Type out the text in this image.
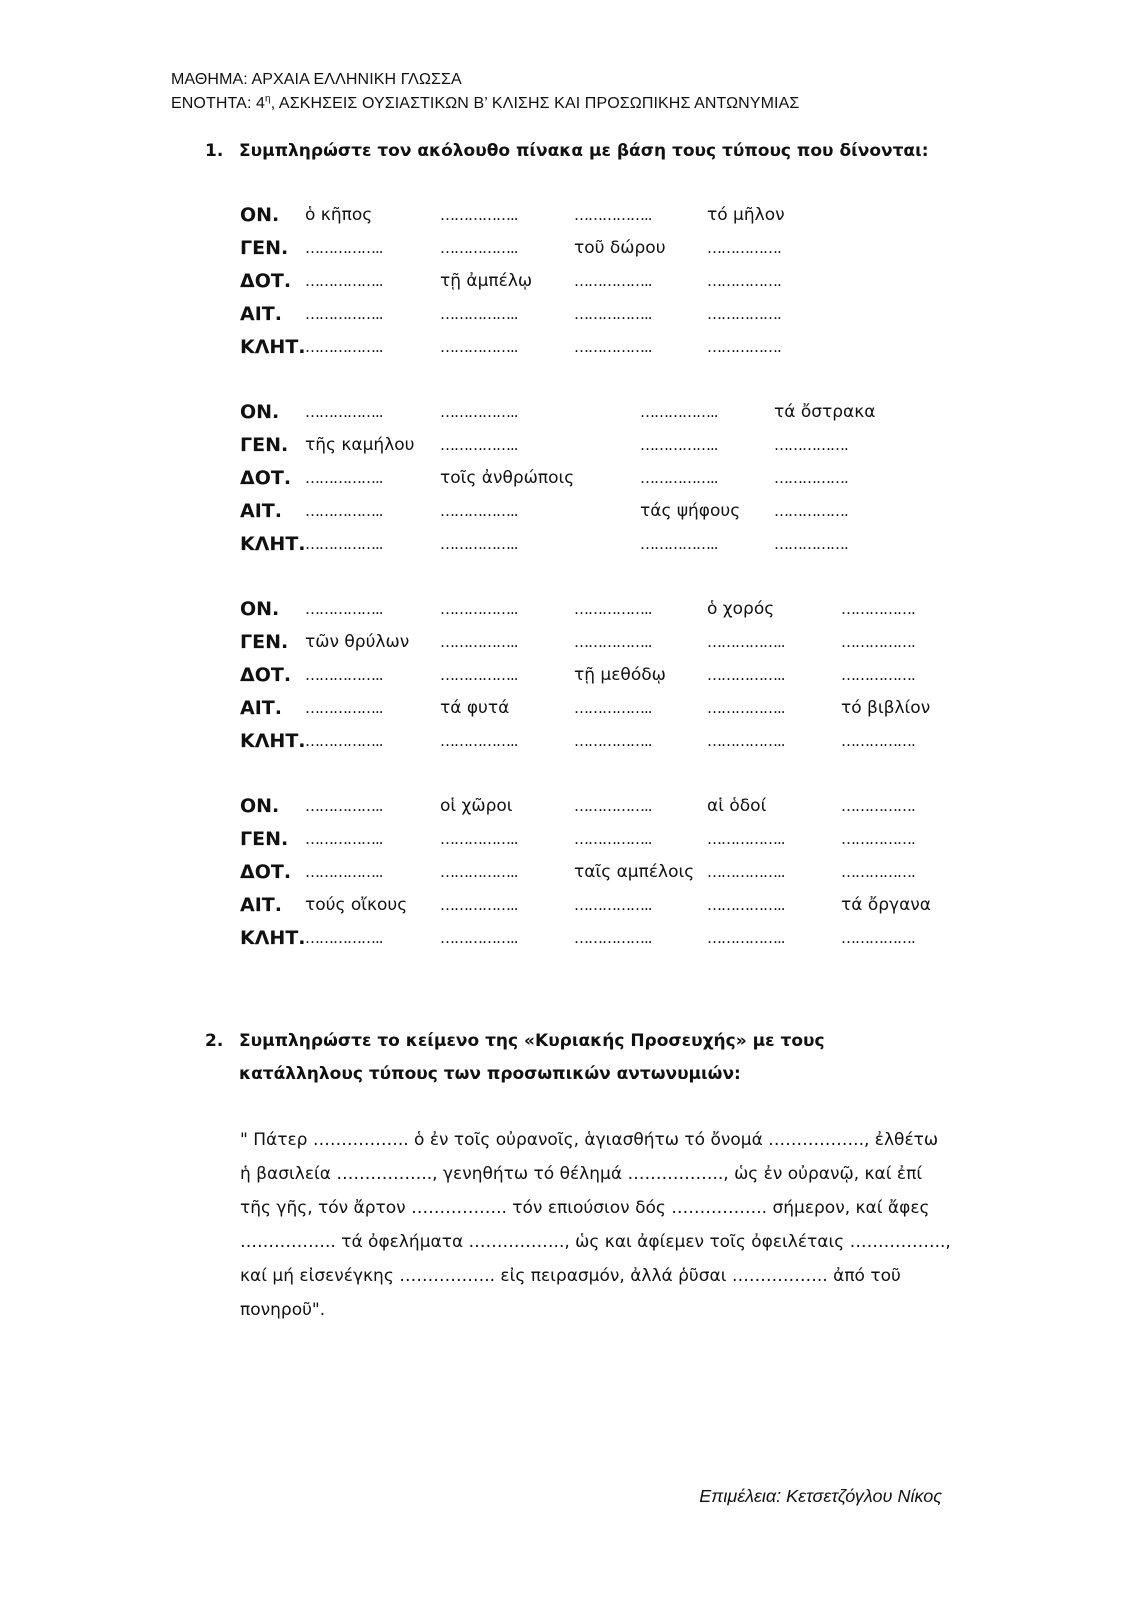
ΜΑΘΗΜΑ: ΑΡΧΑΙΑ ΕΛΛΗΝΙΚΗ ΓΛΩΣΣΑ
ΕΝΟΤΗΤΑ: $4^\eta$, ΑΣΚΗΣΕΙΣ ΟΥΣΙΑΣΤΙΚΩΝ Β’ ΚΛΙΣΗΣ ΚΑΙ ΠΡΟΣΩΠΙΚΗΣ ΑΝΤΩΝΥΜΙΑΣ
1. Συμπληρώστε τον ακόλουθο πίνακα με βάση τους τύπους που δίνονται:
ΟΝ. ὁ κῆπος	……………..	……………..	τό μῆλον
ΓΕΝ. ……………..	……………..	τοῦ δώρου	…………….
ΔΟΤ. ……………..	τῇ ἀμπέλῳ	……………..	…………….
ΑΙΤ. ……………..	……………..	……………..	…………….
ΚΛΗΤ. ……………..	……………..	……………..	…………….
ΟΝ. ……………..	……………..	……………..	τά ὄστρακα
ΓΕΝ. τῆς καμήλου ……………..	……………..	…………….
ΔΟΤ. ……………..	τοῖς ἀνθρώποις	……………..	…………….
ΑΙΤ. ……………..	……………..	τάς ψήφους …………….
ΚΛΗΤ. ……………..	……………..	……………..	…………….
ΟΝ. ……………..	……………..	……………..	ὁ χορός	…………….
ΓΕΝ. τῶν θρύλων ……………..	……………..	……………..	…………….
ΔΟΤ. ……………..	……………..	τῇ μεθόδῳ	……………..	…………….
ΑΙΤ. ……………..	τά φυτά	……………..	……………..	τό βιβλίον
ΚΛΗΤ. ……………..	……………..	……………..	……………..	…………….
ΟΝ. ……………..	οἱ χῶροι	……………..	αἱ ὁδοί	…………….
ΓΕΝ. ……………..	……………..	……………..	……………..	…………….
ΔΟΤ. ……………..	……………..	ταῖς αμπέλοις ……………..	…………….
ΑΙΤ. τούς οἴκους ……………..	……………..	……………..	τά ὄργανα
ΚΛΗΤ. ……………..	……………..	……………..	……………..	…………….
2. Συμπληρώστε το κείμενο της «Κυριακής Προσευχής» με τους
κατάλληλους τύπους των προσωπικών αντωνυμιών:
" Πάτερ …………….. ὁ ἐν τοῖς οὐρανοῖς, ἁγιασθήτω τό ὄνομά …………….., ἐλθέτω
ἡ βασιλεία …………….., γενηθήτω τό θέλημά …………….., ὡς ἐν οὐρανῷ, καί ἐπί
τῆς γῆς, τόν ἄρτον …………….. τόν επιούσιον δός …………….. σήμερον, καί ἄφες
…………….. τά ὀφελήματα …………….., ὡς και ἀφίεμεν τοῖς ὀφειλέταις ……………..,
καί μή εἰσενέγκης …………….. εἰς πειρασμόν, ἀλλά ῥῦσαι …………….. ἀπό τοῦ
πονηροῦ".
Επιμέλεια: Κετσετζόγλου Νίκος
